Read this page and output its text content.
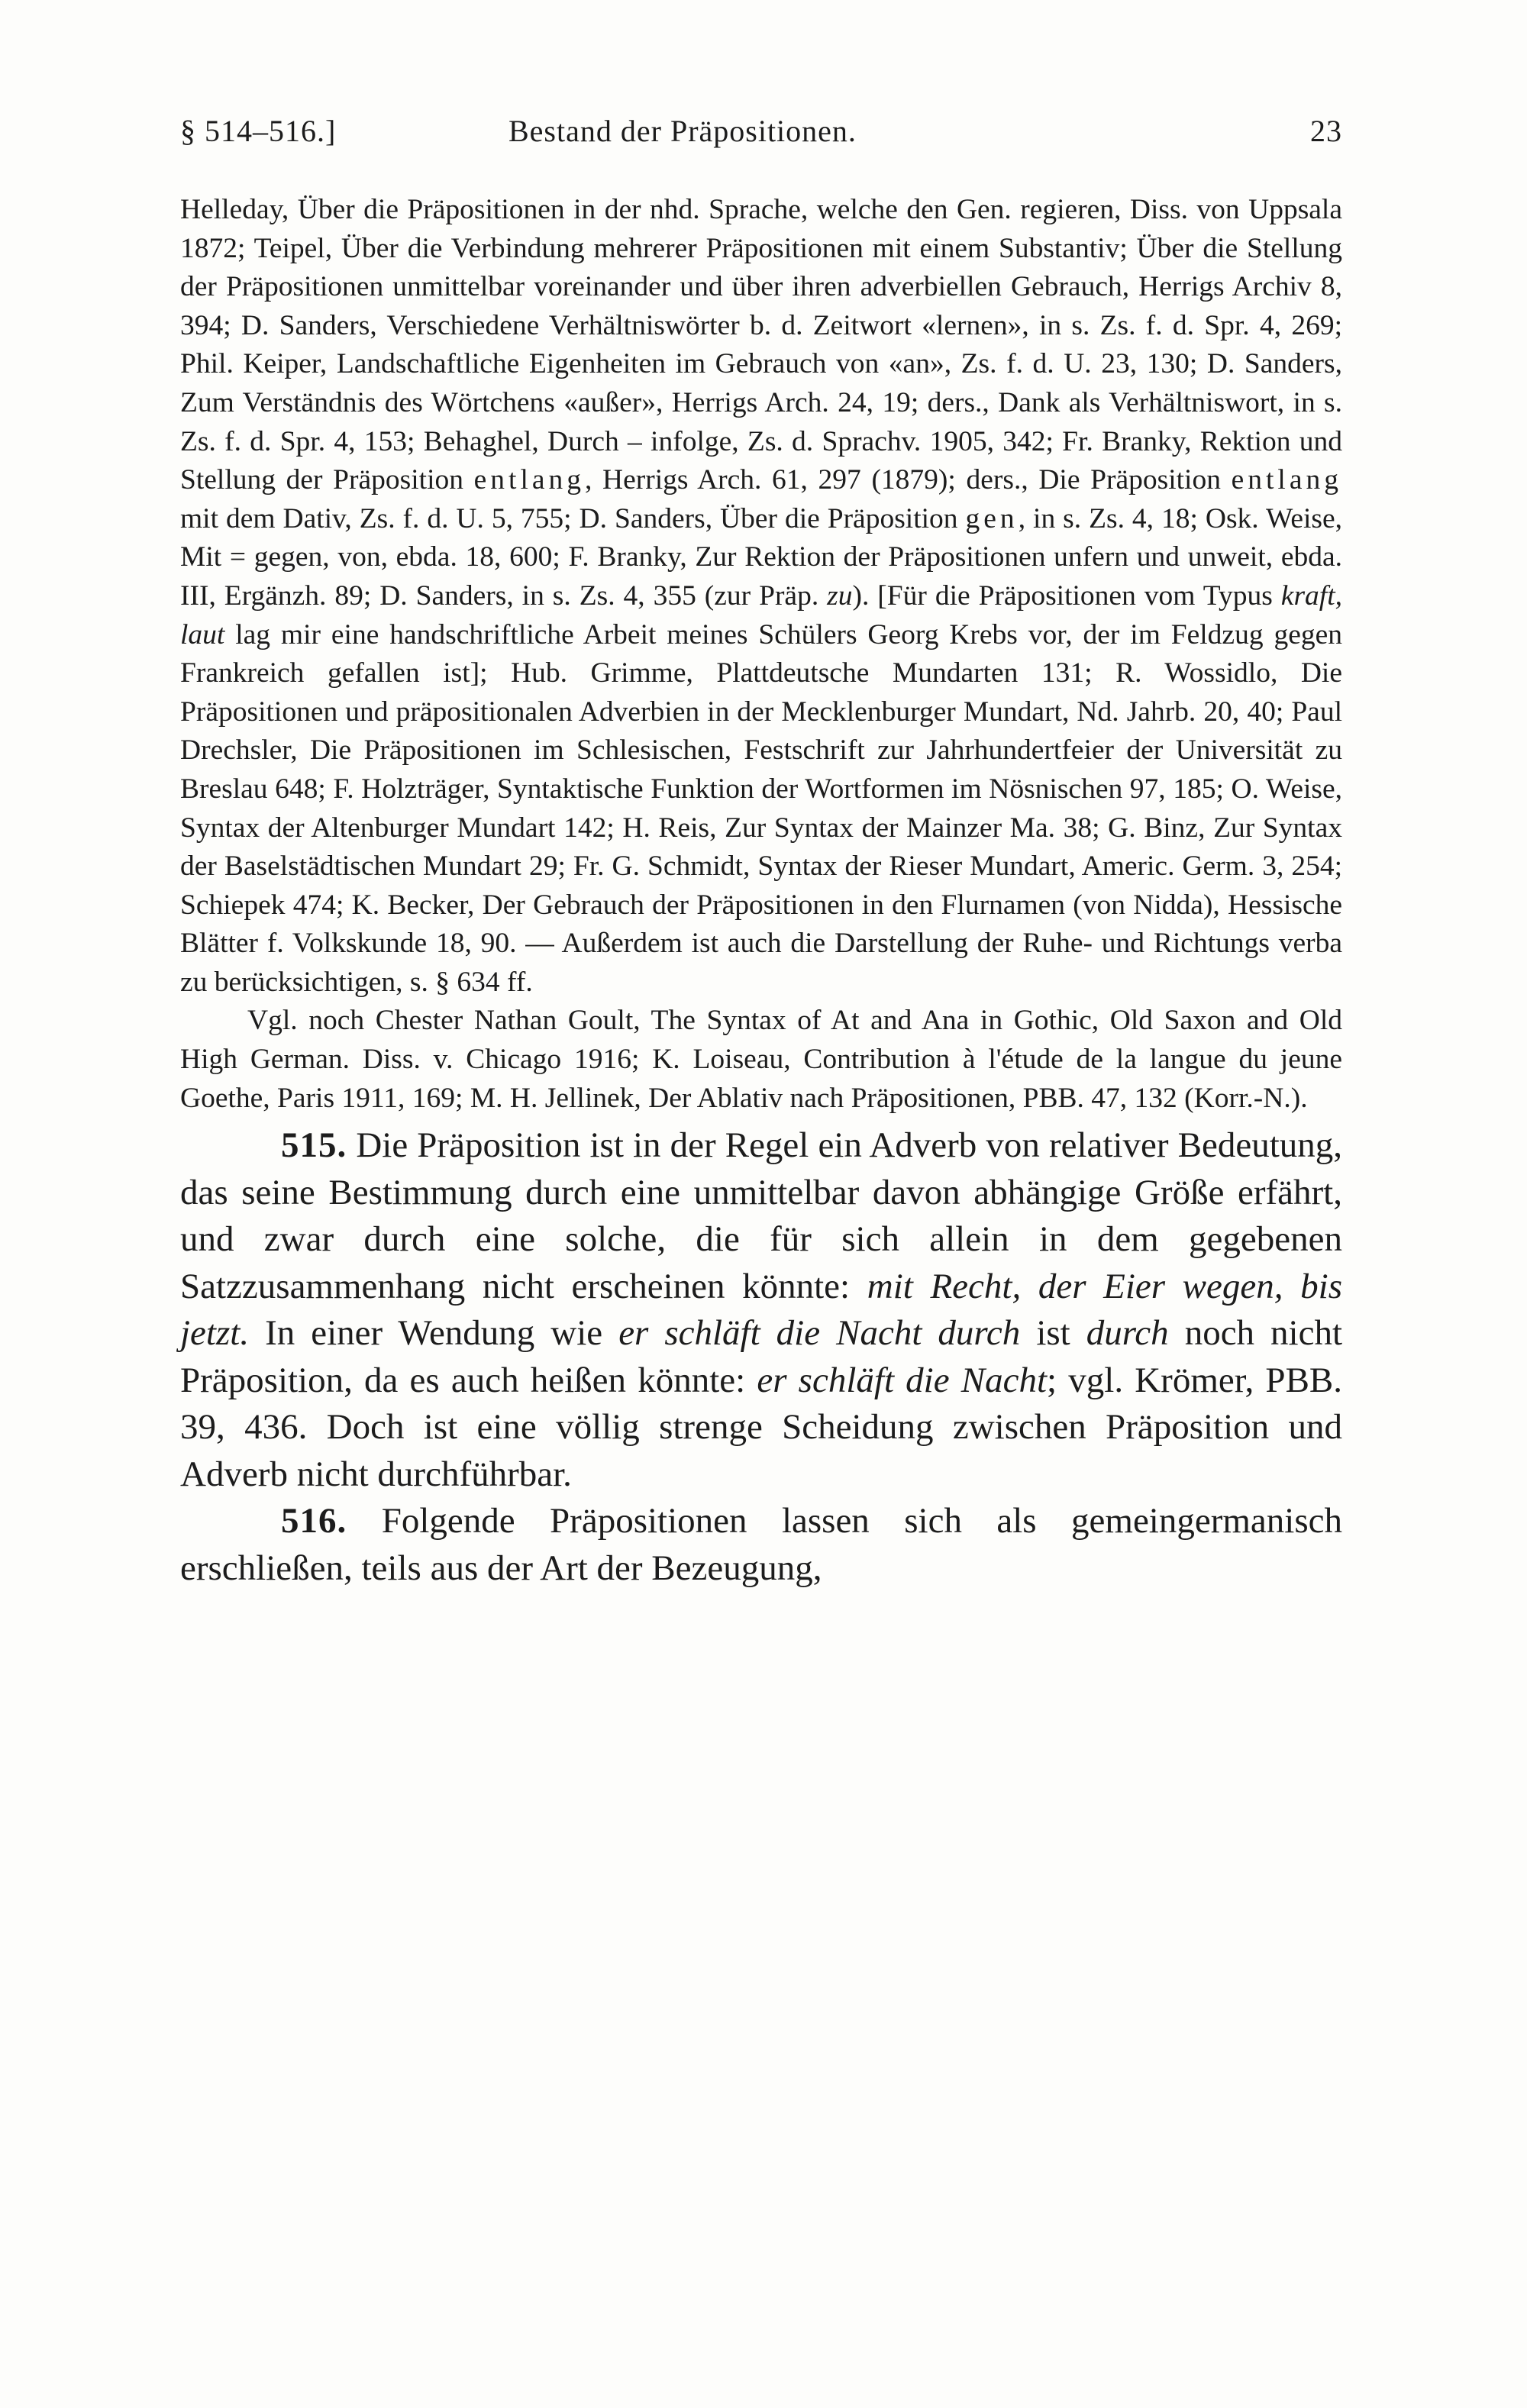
§ 514–516.]	Bestand der Präpositionen.	23

Helleday, Über die Präpositionen in der nhd. Sprache, welche den Gen. regieren, Diss. von Uppsala 1872; Teipel, Über die Verbindung mehrerer Präpositionen mit einem Substantiv; Über die Stellung der Präpositionen unmittelbar voreinander und über ihren adverbiellen Gebrauch, Herrigs Archiv 8, 394; D. Sanders, Verschiedene Verhältniswörter b. d. Zeitwort «lernen», in s. Zs. f. d. Spr. 4, 269; Phil. Keiper, Landschaftliche Eigenheiten im Gebrauch von «an», Zs. f. d. U. 23, 130; D. Sanders, Zum Verständnis des Wörtchens «außer», Herrigs Arch. 24, 19; ders., Dank als Verhältniswort, in s. Zs. f. d. Spr. 4, 153; Behaghel, Durch – infolge, Zs. d. Sprachv. 1905, 342; Fr. Branky, Rektion und Stellung der Präposition entlang, Herrigs Arch. 61, 297 (1879); ders., Die Präposition entlang mit dem Dativ, Zs. f. d. U. 5, 755; D. Sanders, Über die Präposition gen, in s. Zs. 4, 18; Osk. Weise, Mit = gegen, von, ebda. 18, 600; F. Branky, Zur Rektion der Präpositionen unfern und unweit, ebda. III, Ergänzh. 89; D. Sanders, in s. Zs. 4, 355 (zur Präp. zu). [Für die Präpositionen vom Typus kraft, laut lag mir eine handschriftliche Arbeit meines Schülers Georg Krebs vor, der im Feldzug gegen Frankreich gefallen ist]; Hub. Grimme, Plattdeutsche Mundarten 131; R. Wossidlo, Die Präpositionen und präpositionalen Adverbien in der Mecklenburger Mundart, Nd. Jahrb. 20, 40; Paul Drechsler, Die Präpositionen im Schlesischen, Festschrift zur Jahrhundertfeier der Universität zu Breslau 648; F. Holzträger, Syntaktische Funktion der Wortformen im Nösnischen 97, 185; O. Weise, Syntax der Altenburger Mundart 142; H. Reis, Zur Syntax der Mainzer Ma. 38; G. Binz, Zur Syntax der Baselstädtischen Mundart 29; Fr. G. Schmidt, Syntax der Rieser Mundart, Americ. Germ. 3, 254; Schiepek 474; K. Becker, Der Gebrauch der Präpositionen in den Flurnamen (von Nidda), Hessische Blätter f. Volkskunde 18, 90. — Außerdem ist auch die Darstellung der Ruhe- und Richtungs verba zu berücksichtigen, s. § 634 ff.

Vgl. noch Chester Nathan Goult, The Syntax of At and Ana in Gothic, Old Saxon and Old High German. Diss. v. Chicago 1916; K. Loiseau, Contribution à l'étude de la langue du jeune Goethe, Paris 1911, 169; M. H. Jellinek, Der Ablativ nach Präpositionen, PBB. 47, 132 (Korr.-N.).

515. Die Präposition ist in der Regel ein Adverb von relativer Bedeutung, das seine Bestimmung durch eine unmittelbar davon abhängige Größe erfährt, und zwar durch eine solche, die für sich allein in dem gegebenen Satzzusammenhang nicht erscheinen könnte: mit Recht, der Eier wegen, bis jetzt. In einer Wendung wie er schläft die Nacht durch ist durch noch nicht Präposition, da es auch heißen könnte: er schläft die Nacht; vgl. Krömer, PBB. 39, 436. Doch ist eine völlig strenge Scheidung zwischen Präposition und Adverb nicht durchführbar.

516. Folgende Präpositionen lassen sich als gemeingermanisch erschließen, teils aus der Art der Bezeugung,
